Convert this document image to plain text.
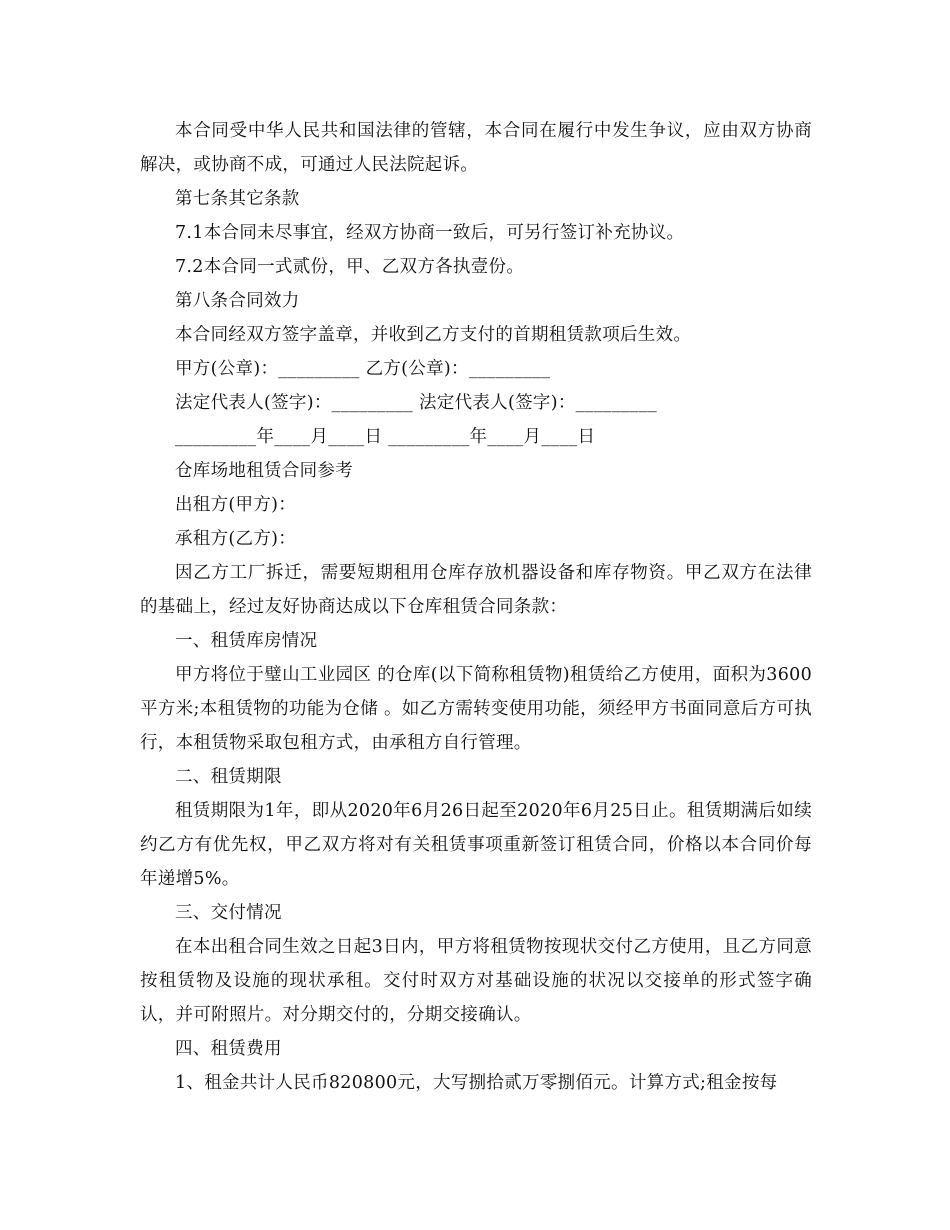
本合同受中华人民共和国法律的管辖，本合同在履行中发生争议，应由双方协商解决，或协商不成，可通过人民法院起诉。

第七条其它条款

7.1本合同未尽事宜，经双方协商一致后，可另行签订补充协议。

7.2本合同一式贰份，甲、乙双方各执壹份。

第八条合同效力

本合同经双方签字盖章，并收到乙方支付的首期租赁款项后生效。

甲方(公章)：_________ 乙方(公章)：_________

法定代表人(签字)：_________ 法定代表人(签字)：_________

_________年____月____日 _________年____月____日

仓库场地租赁合同参考

出租方(甲方)：

承租方(乙方)：

因乙方工厂拆迁，需要短期租用仓库存放机器设备和库存物资。甲乙双方在法律的基础上，经过友好协商达成以下仓库租赁合同条款：

一、租赁库房情况

甲方将位于璧山工业园区 的仓库(以下简称租赁物)租赁给乙方使用，面积为3600平方米;本租赁物的功能为仓储 。如乙方需转变使用功能，须经甲方书面同意后方可执行，本租赁物采取包租方式，由承租方自行管理。

二、租赁期限

租赁期限为1年，即从2020年6月26日起至2020年6月25日止。租赁期满后如续约乙方有优先权，甲乙双方将对有关租赁事项重新签订租赁合同，价格以本合同价每年递增5%。

三、交付情况

在本出租合同生效之日起3日内，甲方将租赁物按现状交付乙方使用，且乙方同意按租赁物及设施的现状承租。交付时双方对基础设施的状况以交接单的形式签字确认，并可附照片。对分期交付的，分期交接确认。

四、租赁费用

1、租金共计人民币820800元，大写捌拾贰万零捌佰元。计算方式;租金按每
